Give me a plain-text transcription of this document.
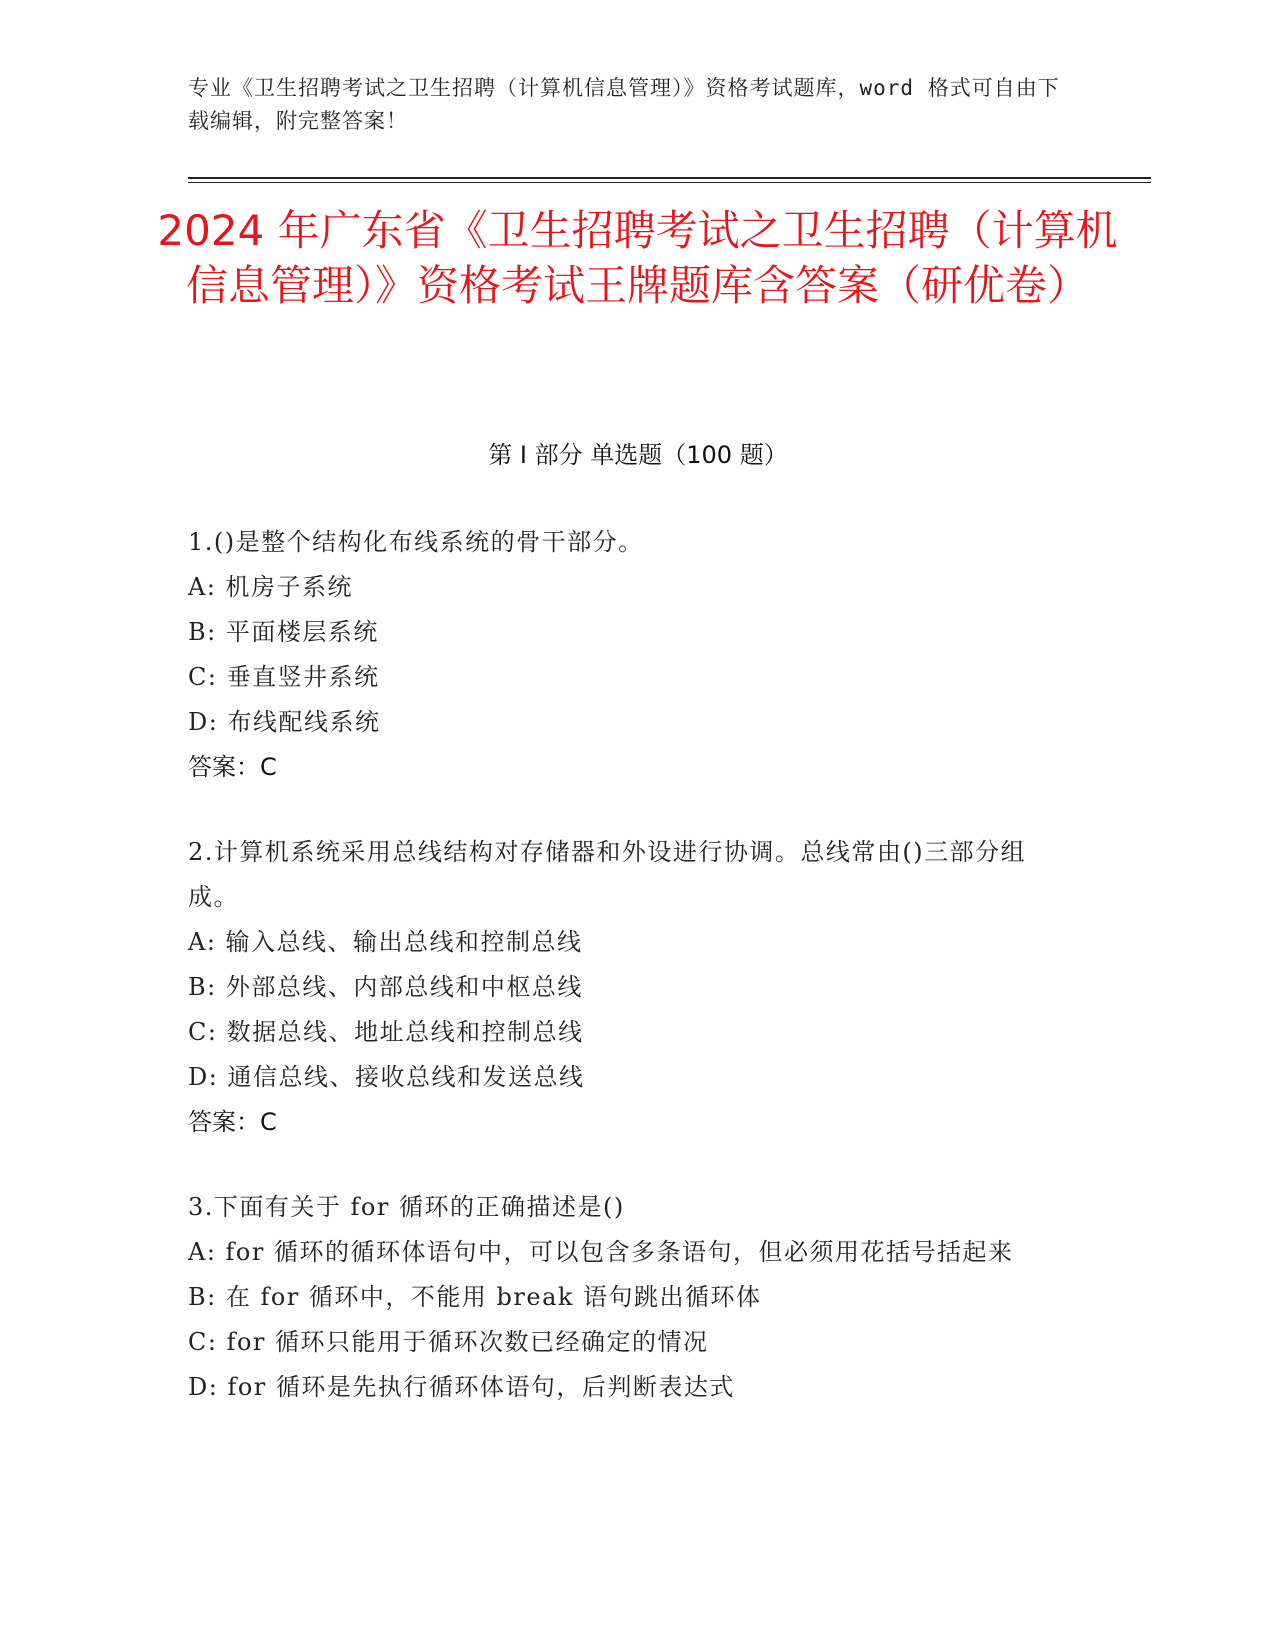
专业《卫生招聘考试之卫生招聘（计算机信息管理）》资格考试题库，word 格式可自由下载编辑，附完整答案！
2024 年广东省《卫生招聘考试之卫生招聘（计算机信息管理）》资格考试王牌题库含答案（研优卷）
第 I 部分 单选题（100 题）
1.()是整个结构化布线系统的骨干部分。
A: 机房子系统
B: 平面楼层系统
C: 垂直竖井系统
D: 布线配线系统
答案：C
2.计算机系统采用总线结构对存储器和外设进行协调。总线常由()三部分组成。
A: 输入总线、输出总线和控制总线
B: 外部总线、内部总线和中枢总线
C: 数据总线、地址总线和控制总线
D: 通信总线、接收总线和发送总线
答案：C
3.下面有关于 for 循环的正确描述是()
A: for 循环的循环体语句中，可以包含多条语句，但必须用花括号括起来
B: 在 for 循环中，不能用 break 语句跳出循环体
C: for 循环只能用于循环次数已经确定的情况
D: for 循环是先执行循环体语句，后判断表达式
